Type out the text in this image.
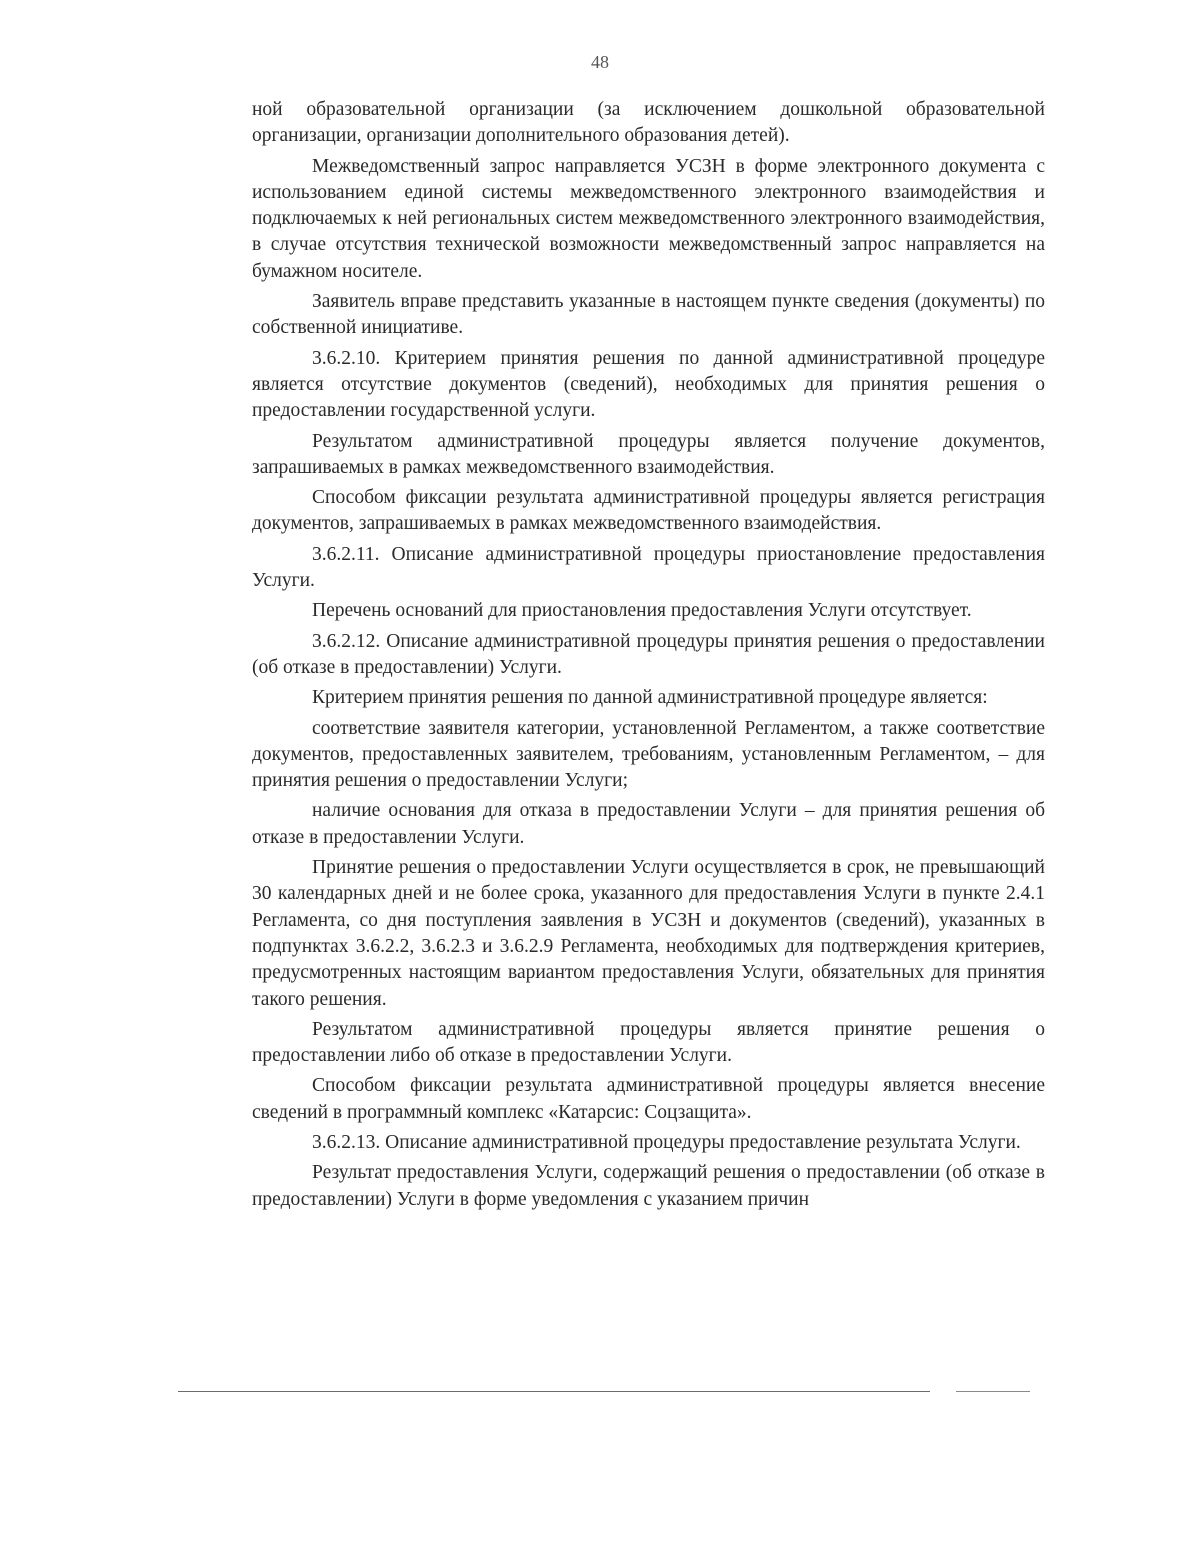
48

ной образовательной организации (за исключением дошкольной образовательной организации, организации дополнительного образования детей).

Межведомственный запрос направляется УСЗН в форме электронного документа с использованием единой системы межведомственного электронного взаимодействия и подключаемых к ней региональных систем межведомственного электронного взаимодействия, в случае отсутствия технической возможности межведомственный запрос направляется на бумажном носителе.

Заявитель вправе представить указанные в настоящем пункте сведения (документы) по собственной инициативе.

3.6.2.10. Критерием принятия решения по данной административной процедуре является отсутствие документов (сведений), необходимых для принятия решения о предоставлении государственной услуги.

Результатом административной процедуры является получение документов, запрашиваемых в рамках межведомственного взаимодействия.

Способом фиксации результата административной процедуры является регистрация документов, запрашиваемых в рамках межведомственного взаимодействия.

3.6.2.11. Описание административной процедуры приостановление предоставления Услуги.

Перечень оснований для приостановления предоставления Услуги отсутствует.

3.6.2.12. Описание административной процедуры принятия решения о предоставлении (об отказе в предоставлении) Услуги.

Критерием принятия решения по данной административной процедуре является:

соответствие заявителя категории, установленной Регламентом, а также соответствие документов, предоставленных заявителем, требованиям, установленным Регламентом, – для принятия решения о предоставлении Услуги;

наличие основания для отказа в предоставлении Услуги – для принятия решения об отказе в предоставлении Услуги.

Принятие решения о предоставлении Услуги осуществляется в срок, не превышающий 30 календарных дней и не более срока, указанного для предоставления Услуги в пункте 2.4.1 Регламента, со дня поступления заявления в УСЗН и документов (сведений), указанных в подпунктах 3.6.2.2, 3.6.2.3 и 3.6.2.9 Регламента, необходимых для подтверждения критериев, предусмотренных настоящим вариантом предоставления Услуги, обязательных для принятия такого решения.

Результатом административной процедуры является принятие решения о предоставлении либо об отказе в предоставлении Услуги.

Способом фиксации результата административной процедуры является внесение сведений в программный комплекс «Катарсис: Соцзащита».

3.6.2.13. Описание административной процедуры предоставление результата Услуги.

Результат предоставления Услуги, содержащий решения о предоставлении (об отказе в предоставлении) Услуги в форме уведомления с указанием причин
